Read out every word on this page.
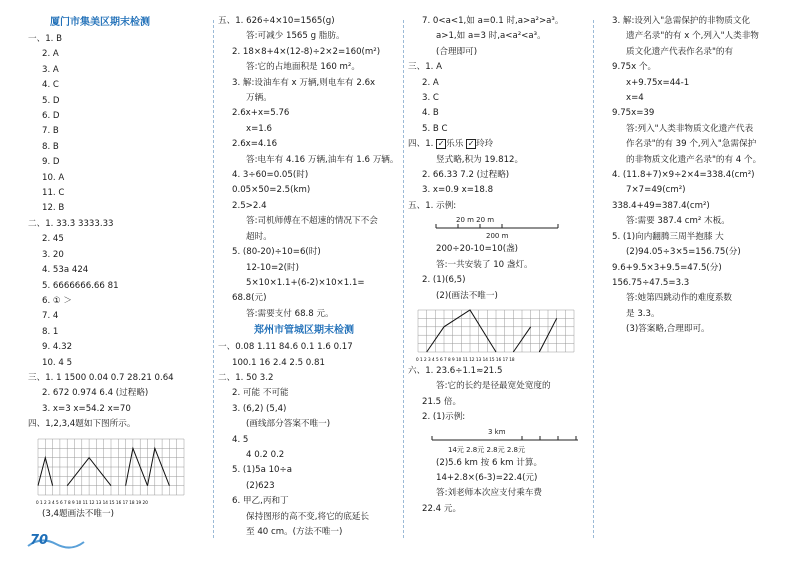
厦门市集美区期末检测
一、1. B
2. A
3. A
4. C
5. D
6. D
7. B
8. B
9. D
10. A
11. C
12. B
二、1. 33.3̇ 3333.33
2. 45
3. 20
4. 53a 424
5. 6666666.66 81
6. ① ＞
7. 4
8. 1
9. 4.32
10. 4 5
三、1. 1 1500 0.04 0.7 28.21 0.64
2. 672 0.974 6.4 (过程略)
3. x=3 x=54.2 x=70
四、1,2,3,4题如下图所示。
0 1 2 3 4 5 6 7 8 9 10 11 12 13 14 15 16 17 18 19 20
(3,4题画法不唯一)
五、1. 626÷4×10=1565(g)
答:可减少 1565 g 脂肪。
2. 18×8+4×(12-8)÷2×2=160(m²)
答:它的占地面积是 160 m²。
3. 解:设油车有 x 万辆,则电车有 2.6x
万辆。
2.6x+x=5.76
x=1.6
2.6x=4.16
答:电车有 4.16 万辆,油车有 1.6 万辆。
4. 3÷60=0.05(时)
0.05×50=2.5(km)
2.5>2.4
答:司机师傅在不超速的情况下不会
超时。
5. (80-20)÷10=6(时)
12-10=2(时)
5×10×1.1+(6-2)×10×1.1=
68.8(元)
答:需要支付 68.8 元。
郑州市管城区期末检测
一、0.08 1.11 84.6 0.1 1.6 0.17
100.1 16 2.4 2.5 0.81
二、1. 50 3.2
2. 可能 不可能
3. (6,2) (5,4)
(画线部分答案不唯一)
4. 5
4 0.2 0.2
5. (1)5a 10÷a
(2)623
6. 甲乙,丙和丁
保持图形的高不变,将它的底延长
至 40 cm。(方法不唯一)
7. 0<a<1,如 a=0.1 时,a>a²>a³。
a>1,如 a=3 时,a<a²<a³。
(合理即可)
三、1. A
2. A
3. C
4. B
5. B C
四、1. ✓ 乐乐 ✓ 玲玲
竖式略,积为 19.812。
2. 66.33 7.2 (过程略)
3. x=0.9 x=18.8
五、1. 示例:
20 m 20 m
200 m
200÷20-10=10(盏)
答:一共安装了 10 盏灯。
2. (1)(6,5)
(2)(画法不唯一)
0 1 2 3 4 5 6 7 8 9 10 11 12 13 14 15 16 17 18
六、1. 23.6÷1.1≈21.5
答:它的长约是径最宽处宽度的
21.5 倍。
2. (1)示例:
3 km
14元 2.8元 2.8元 2.8元
(2)5.6 km 按 6 km 计算。
14+2.8×(6-3)=22.4(元)
答:刘老师本次应支付乘车费
22.4 元。
3. 解:设列入"急需保护的非物质文化
遗产名录"的有 x 个,列入"人类非物
质文化遗产代表作名录"的有
9.75x 个。
x+9.75x=44-1
x=4
9.75x=39
答:列入"人类非物质文化遗产代表
作名录"的有 39 个,列入"急需保护
的非物质文化遗产名录"的有 4 个。
4. (11.8+7)×9÷2×4=338.4(cm²)
7×7=49(cm²)
338.4+49=387.4(cm²)
答:需要 387.4 cm² 木板。
5. (1)向内翻腾三周半抱膝 大
(2)94.05÷3×5=156.75(分)
9.6+9.5×3+9.5=47.5(分)
156.75÷47.5=3.3
答:她第四跳动作的难度系数
是 3.3。
(3)答案略,合理即可。
70
